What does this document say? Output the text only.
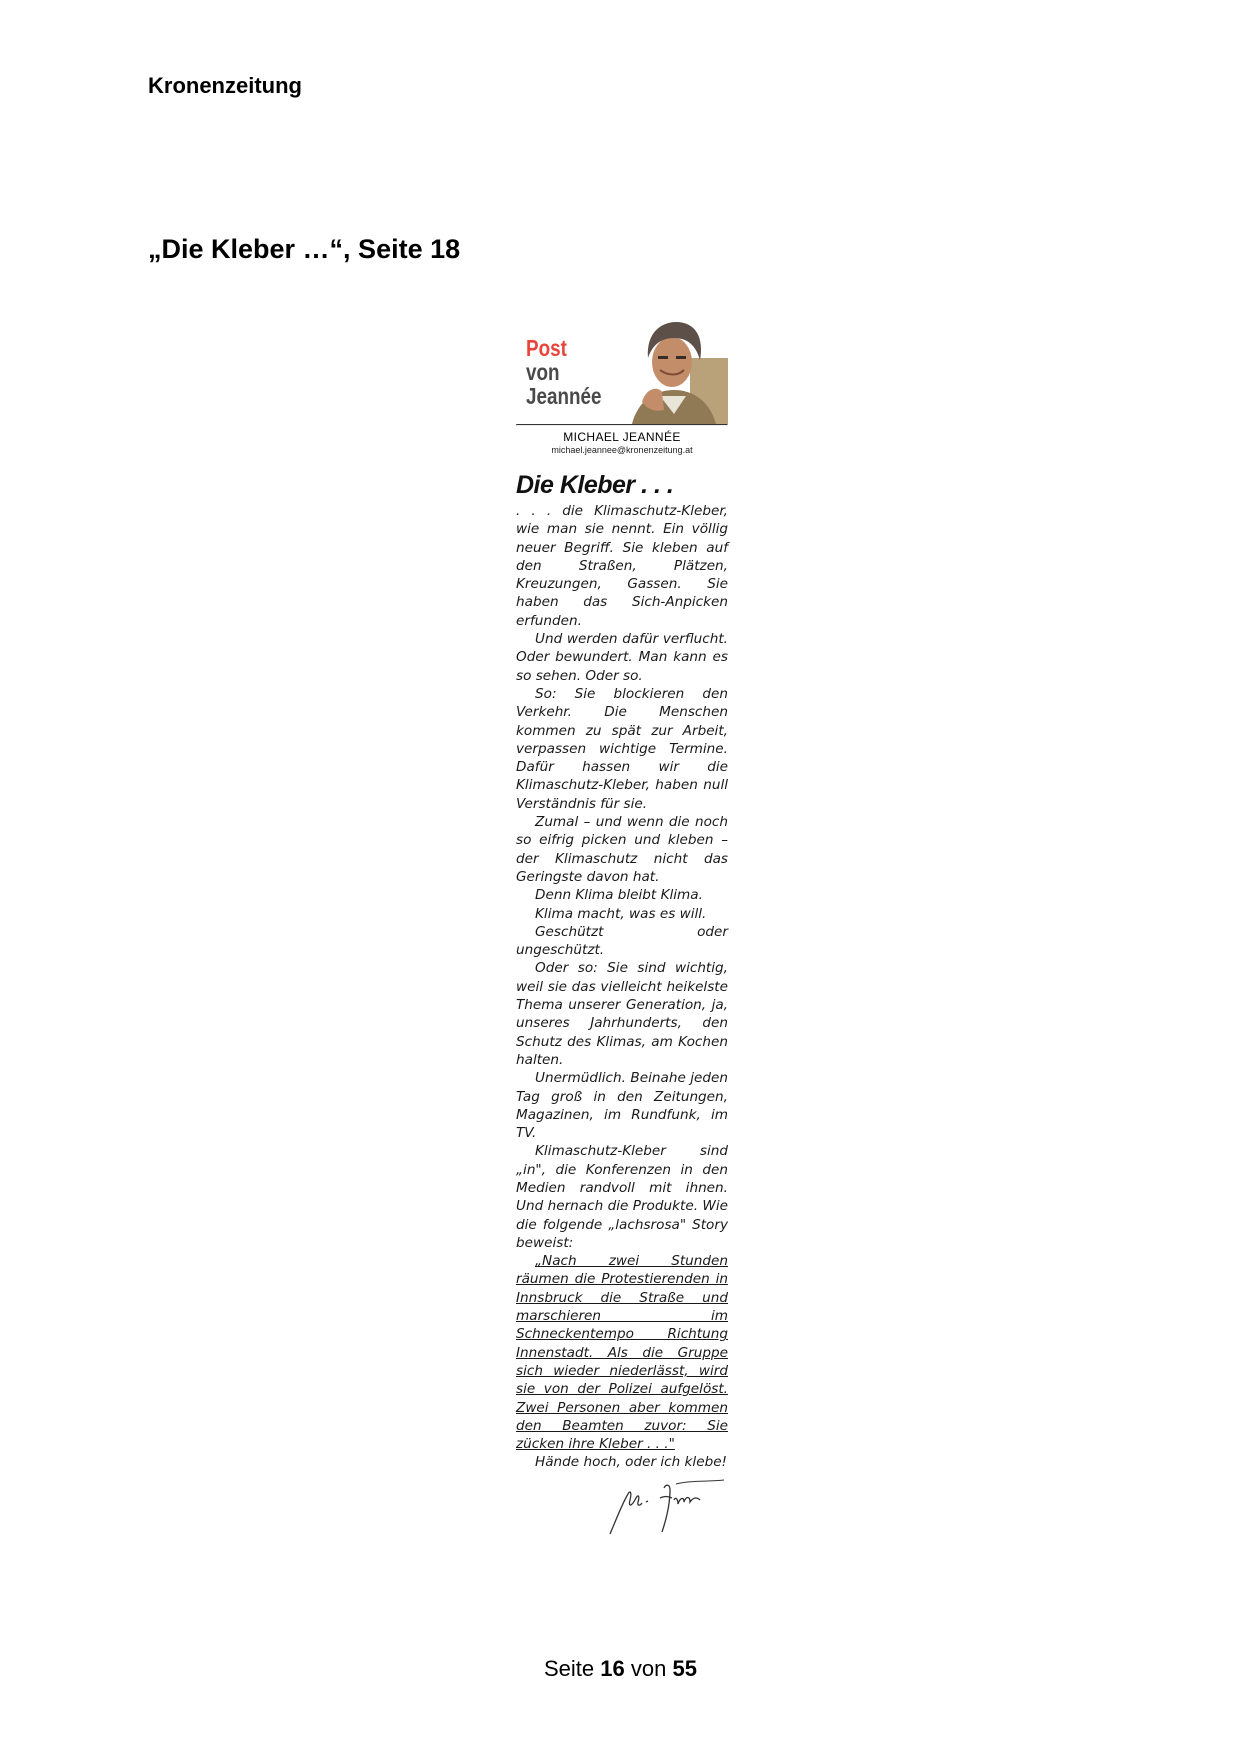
Kronenzeitung
„Die Kleber …“, Seite 18
Post
von
Jeannée
MICHAEL JEANNÉE
michael.jeannee@kronenzeitung.at
Die Kleber . . .

. . . die Klimaschutz-Kleber, wie man sie nennt. Ein völlig neuer Begriff. Sie kleben auf den Straßen, Plätzen, Kreuzungen, Gassen. Sie haben das Sich-Anpicken erfunden.

Und werden dafür verflucht. Oder bewundert. Man kann es so sehen. Oder so.

So: Sie blockieren den Verkehr. Die Menschen kommen zu spät zur Arbeit, verpassen wichtige Termine. Dafür hassen wir die Klimaschutz-Kleber, haben null Verständnis für sie.

Zumal – und wenn die noch so eifrig picken und kleben – der Klimaschutz nicht das Geringste davon hat.

Denn Klima bleibt Klima.

Klima macht, was es will.

Geschützt oder ungeschützt.

Oder so: Sie sind wichtig, weil sie das vielleicht heikelste Thema unserer Generation, ja, unseres Jahrhunderts, den Schutz des Klimas, am Kochen halten.

Unermüdlich. Beinahe jeden Tag groß in den Zeitungen, Magazinen, im Rundfunk, im TV.

Klimaschutz-Kleber sind „in", die Konferenzen in den Medien randvoll mit ihnen. Und hernach die Produkte. Wie die folgende „lachsrosa" Story beweist:

„Nach zwei Stunden räumen die Protestierenden in Innsbruck die Straße und marschieren im Schneckentempo Richtung Innenstadt. Als die Gruppe sich wieder niederlässt, wird sie von der Polizei aufgelöst. Zwei Personen aber kommen den Beamten zuvor: Sie zücken ihre Kleber . . ."

Hände hoch, oder ich klebe!

Seite 16 von 55
